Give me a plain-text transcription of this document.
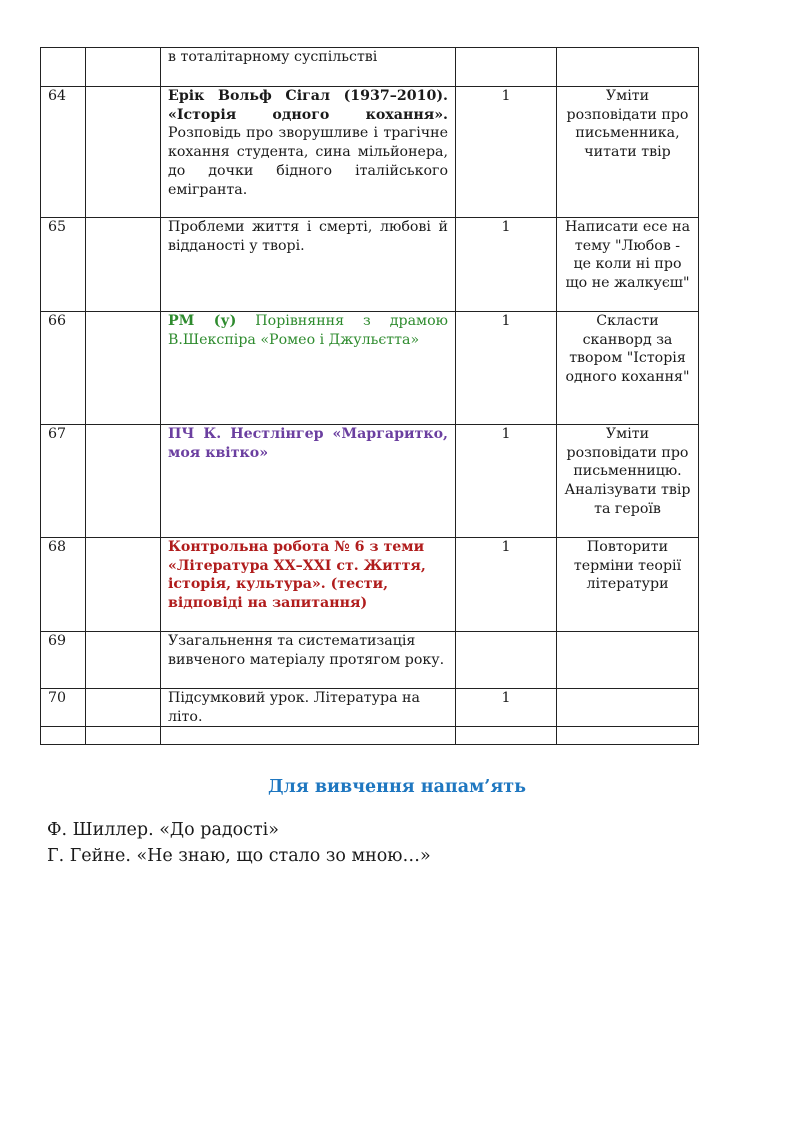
		в тоталітарному суспільстві		
64		Ерік Вольф Сігал (1937–2010). «Історія одного кохання». Розповідь про зворушливе і трагічне кохання студента, сина мільйонера, до дочки бідного італійського емігранта.	1	Уміти розповідати про письменника, читати твір
65		Проблеми життя і смерті, любові й відданості у творі.	1	Написати есе на тему "Любов - це коли ні про що не жалкуєш"
66		РМ (у) Порівняння з драмою В.Шекспіра «Ромео і Джульєтта»	1	Скласти сканворд за твором "Історія одного кохання"
67		ПЧ К. Нестлінгер «Маргаритко, моя квітко»	1	Уміти розповідати про письменницю. Аналізувати твір та героїв
68		Контрольна робота № 6 з теми «Література ХХ–ХХІ ст. Життя, історія, культура». (тести, відповіді на запитання)	1	Повторити терміни теорії літератури
69		Узагальнення та систематизація вивченого матеріалу протягом року.		
70		Підсумковий урок. Література на літо.	1	

Для вивчення напам’ять
Ф. Шиллер. «До радості»
Г. Гейне. «Не знаю, що стало зо мною…»
